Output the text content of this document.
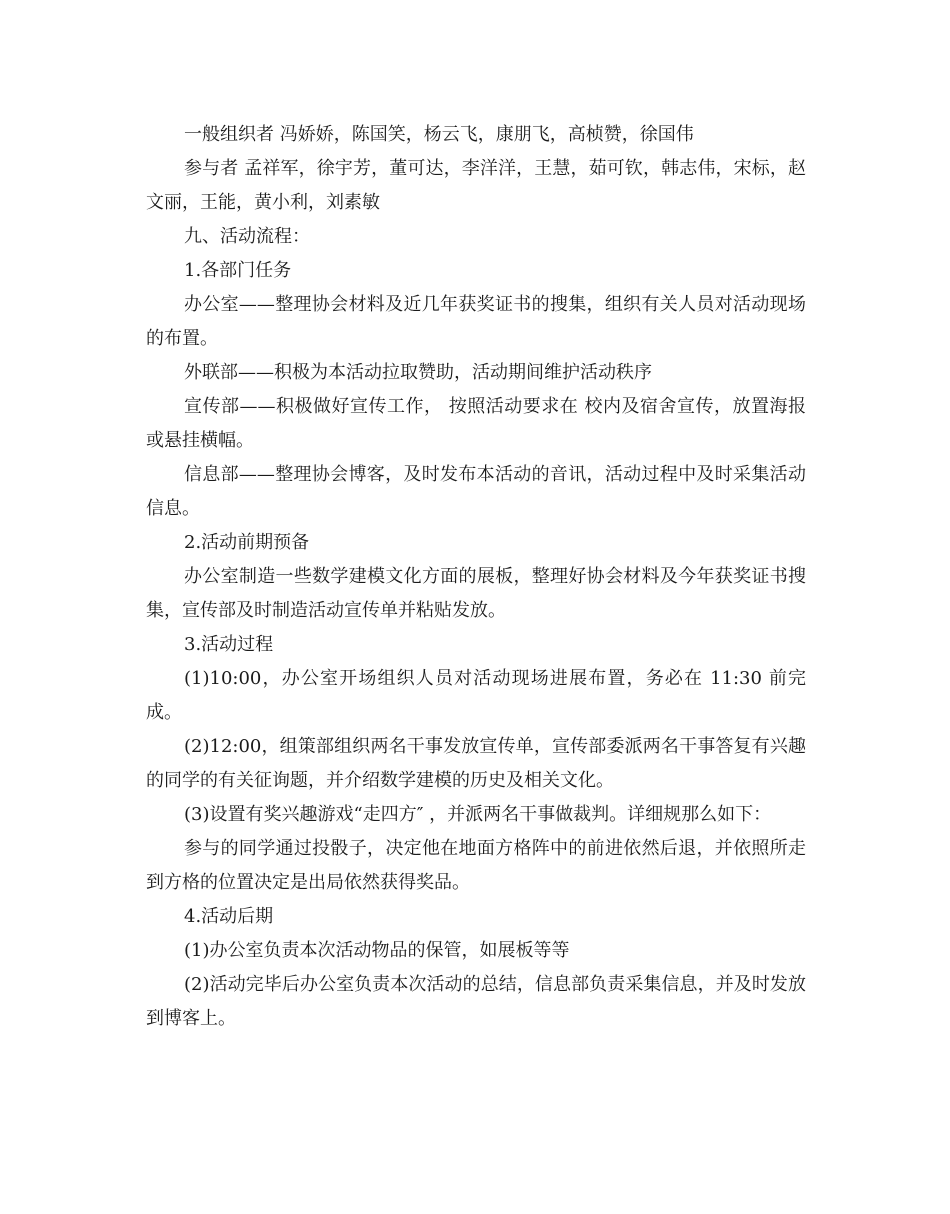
一般组织者 冯娇娇，陈国笑，杨云飞，康朋飞，高桢赞，徐国伟

参与者 孟祥军，徐宇芳，董可达，李洋洋，王慧，茹可钦，韩志伟，宋标，赵文丽，王能，黄小利，刘素敏

九、活动流程：

1.各部门任务

办公室——整理协会材料及近几年获奖证书的搜集，组织有关人员对活动现场的布置。

外联部——积极为本活动拉取赞助，活动期间维护活动秩序

宣传部——积极做好宣传工作， 按照活动要求在 校内及宿舍宣传，放置海报或悬挂横幅。

信息部——整理协会博客，及时发布本活动的音讯，活动过程中及时采集活动信息。

2.活动前期预备

办公室制造一些数学建模文化方面的展板，整理好协会材料及今年获奖证书搜集，宣传部及时制造活动宣传单并粘贴发放。

3.活动过程

(1)10:00，办公室开场组织人员对活动现场进展布置，务必在 11:30 前完成。

(2)12:00，组策部组织两名干事发放宣传单，宣传部委派两名干事答复有兴趣的同学的有关征询题，并介绍数学建模的历史及相关文化。

(3)设置有奖兴趣游戏“走四方″ ，并派两名干事做裁判。详细规那么如下：

参与的同学通过投骰子，决定他在地面方格阵中的前进依然后退，并依照所走到方格的位置决定是出局依然获得奖品。

4.活动后期

(1)办公室负责本次活动物品的保管，如展板等等

(2)活动完毕后办公室负责本次活动的总结，信息部负责采集信息，并及时发放到博客上。
